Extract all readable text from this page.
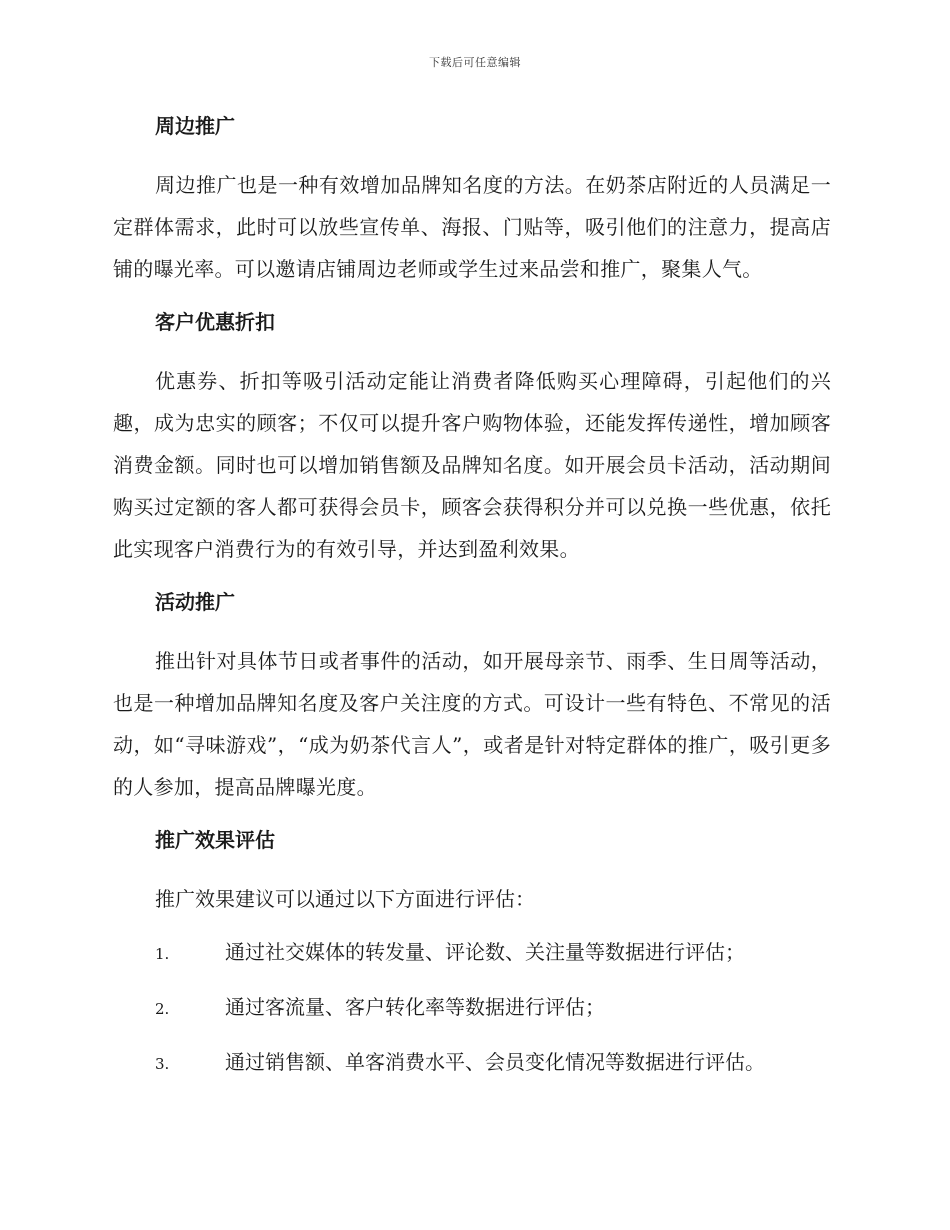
下载后可任意编辑
周边推广

周边推广也是一种有效增加品牌知名度的方法。在奶茶店附近的人员满足一定群体需求，此时可以放些宣传单、海报、门贴等，吸引他们的注意力，提高店铺的曝光率。可以邀请店铺周边老师或学生过来品尝和推广，聚集人气。

客户优惠折扣

优惠券、折扣等吸引活动定能让消费者降低购买心理障碍，引起他们的兴趣，成为忠实的顾客；不仅可以提升客户购物体验，还能发挥传递性，增加顾客消费金额。同时也可以增加销售额及品牌知名度。如开展会员卡活动，活动期间购买过定额的客人都可获得会员卡，顾客会获得积分并可以兑换一些优惠，依托此实现客户消费行为的有效引导，并达到盈利效果。

活动推广

推出针对具体节日或者事件的活动，如开展母亲节、雨季、生日周等活动，也是一种增加品牌知名度及客户关注度的方式。可设计一些有特色、不常见的活动，如“寻味游戏”，“成为奶茶代言人”，或者是针对特定群体的推广，吸引更多的人参加，提高品牌曝光度。

推广效果评估

推广效果建议可以通过以下方面进行评估：

1.	通过社交媒体的转发量、评论数、关注量等数据进行评估；
2.	通过客流量、客户转化率等数据进行评估；
3.	通过销售额、单客消费水平、会员变化情况等数据进行评估。
